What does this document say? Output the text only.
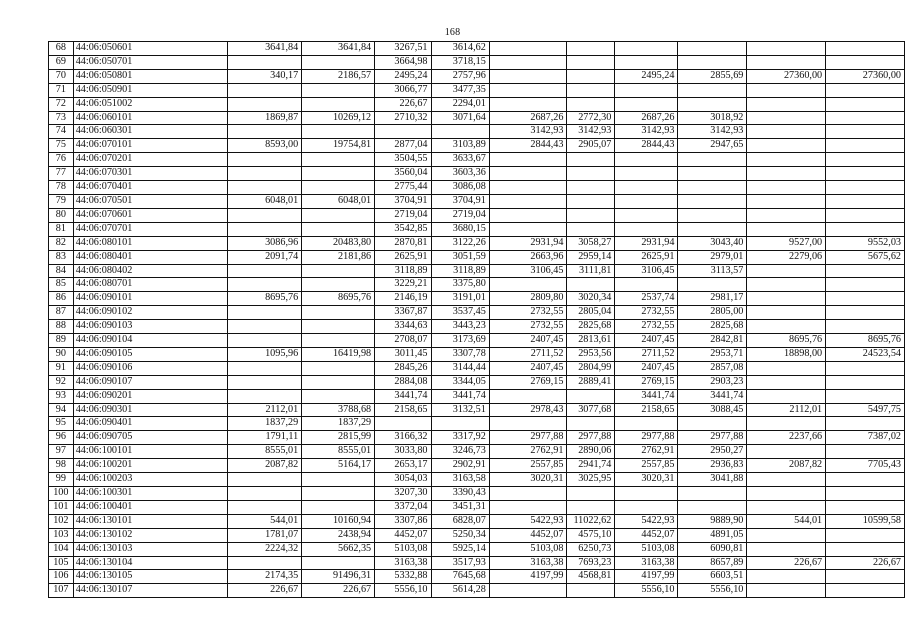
168
68	44:06:050601	3641,84	3641,84	3267,51	3614,62						
69	44:06:050701			3664,98	3718,15						
70	44:06:050801	340,17	2186,57	2495,24	2757,96			2495,24	2855,69	27360,00	27360,00
71	44:06:050901			3066,77	3477,35						
72	44:06:051002			226,67	2294,01						
73	44:06:060101	1869,87	10269,12	2710,32	3071,64	2687,26	2772,30	2687,26	3018,92		
74	44:06:060301					3142,93	3142,93	3142,93	3142,93		
75	44:06:070101	8593,00	19754,81	2877,04	3103,89	2844,43	2905,07	2844,43	2947,65		
76	44:06:070201			3504,55	3633,67						
77	44:06:070301			3560,04	3603,36						
78	44:06:070401			2775,44	3086,08						
79	44:06:070501	6048,01	6048,01	3704,91	3704,91						
80	44:06:070601			2719,04	2719,04						
81	44:06:070701			3542,85	3680,15						
82	44:06:080101	3086,96	20483,80	2870,81	3122,26	2931,94	3058,27	2931,94	3043,40	9527,00	9552,03
83	44:06:080401	2091,74	2181,86	2625,91	3051,59	2663,96	2959,14	2625,91	2979,01	2279,06	5675,62
84	44:06:080402			3118,89	3118,89	3106,45	3111,81	3106,45	3113,57		
85	44:06:080701			3229,21	3375,80						
86	44:06:090101	8695,76	8695,76	2146,19	3191,01	2809,80	3020,34	2537,74	2981,17		
87	44:06:090102			3367,87	3537,45	2732,55	2805,04	2732,55	2805,00		
88	44:06:090103			3344,63	3443,23	2732,55	2825,68	2732,55	2825,68		
89	44:06:090104			2708,07	3173,69	2407,45	2813,61	2407,45	2842,81	8695,76	8695,76
90	44:06:090105	1095,96	16419,98	3011,45	3307,78	2711,52	2953,56	2711,52	2953,71	18898,00	24523,54
91	44:06:090106			2845,26	3144,44	2407,45	2804,99	2407,45	2857,08		
92	44:06:090107			2884,08	3344,05	2769,15	2889,41	2769,15	2903,23		
93	44:06:090201			3441,74	3441,74			3441,74	3441,74		
94	44:06:090301	2112,01	3788,68	2158,65	3132,51	2978,43	3077,68	2158,65	3088,45	2112,01	5497,75
95	44:06:090401	1837,29	1837,29								
96	44:06:090705	1791,11	2815,99	3166,32	3317,92	2977,88	2977,88	2977,88	2977,88	2237,66	7387,02
97	44:06:100101	8555,01	8555,01	3033,80	3246,73	2762,91	2890,06	2762,91	2950,27		
98	44:06:100201	2087,82	5164,17	2653,17	2902,91	2557,85	2941,74	2557,85	2936,83	2087,82	7705,43
99	44:06:100203			3054,03	3163,58	3020,31	3025,95	3020,31	3041,88		
100	44:06:100301			3207,30	3390,43						
101	44:06:100401			3372,04	3451,31						
102	44:06:130101	544,01	10160,94	3307,86	6828,07	5422,93	11022,62	5422,93	9889,90	544,01	10599,58
103	44:06:130102	1781,07	2438,94	4452,07	5250,34	4452,07	4575,10	4452,07	4891,05		
104	44:06:130103	2224,32	5662,35	5103,08	5925,14	5103,08	6250,73	5103,08	6090,81		
105	44:06:130104			3163,38	3517,93	3163,38	7693,23	3163,38	8657,89	226,67	226,67
106	44:06:130105	2174,35	91496,31	5332,88	7645,68	4197,99	4568,81	4197,99	6603,51		
107	44:06:130107	226,67	226,67	5556,10	5614,28			5556,10	5556,10		
